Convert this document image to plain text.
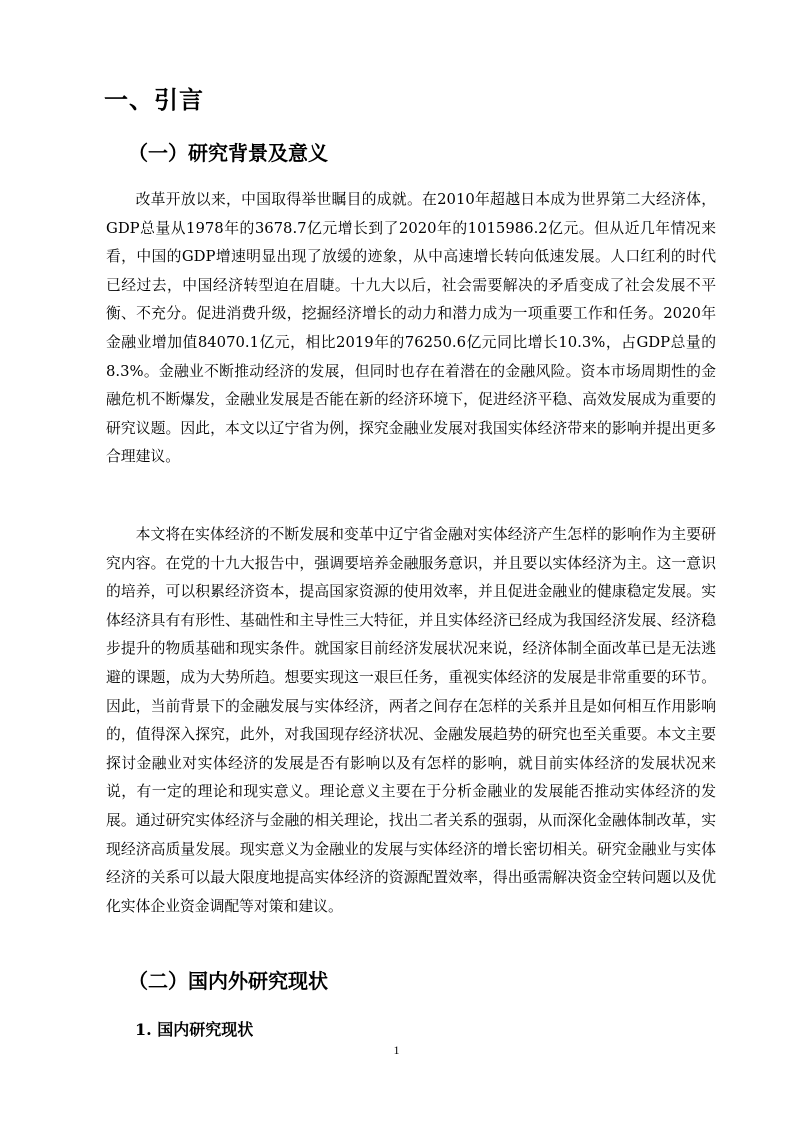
一、引言
（一）研究背景及意义

改革开放以来，中国取得举世瞩目的成就。在2010年超越日本成为世界第二大经济体，GDP总量从1978年的3678.7亿元增长到了2020年的1015986.2亿元。但从近几年情况来看，中国的GDP增速明显出现了放缓的迹象，从中高速增长转向低速发展。人口红利的时代已经过去，中国经济转型迫在眉睫。十九大以后，社会需要解决的矛盾变成了社会发展不平衡、不充分。促进消费升级，挖掘经济增长的动力和潜力成为一项重要工作和任务。2020年金融业增加值84070.1亿元，相比2019年的76250.6亿元同比增长10.3%，占GDP总量的8.3%。金融业不断推动经济的发展，但同时也存在着潜在的金融风险。资本市场周期性的金融危机不断爆发，金融业发展是否能在新的经济环境下，促进经济平稳、高效发展成为重要的研究议题。因此，本文以辽宁省为例，探究金融业发展对我国实体经济带来的影响并提出更多合理建议。

本文将在实体经济的不断发展和变革中辽宁省金融对实体经济产生怎样的影响作为主要研究内容。在党的十九大报告中，强调要培养金融服务意识，并且要以实体经济为主。这一意识的培养，可以积累经济资本，提高国家资源的使用效率，并且促进金融业的健康稳定发展。实体经济具有有形性、基础性和主导性三大特征，并且实体经济已经成为我国经济发展、经济稳步提升的物质基础和现实条件。就国家目前经济发展状况来说，经济体制全面改革已是无法逃避的课题，成为大势所趋。想要实现这一艰巨任务，重视实体经济的发展是非常重要的环节。因此，当前背景下的金融发展与实体经济，两者之间存在怎样的关系并且是如何相互作用影响的，值得深入探究，此外，对我国现存经济状况、金融发展趋势的研究也至关重要。本文主要探讨金融业对实体经济的发展是否有影响以及有怎样的影响，就目前实体经济的发展状况来说，有一定的理论和现实意义。理论意义主要在于分析金融业的发展能否推动实体经济的发展。通过研究实体经济与金融的相关理论，找出二者关系的强弱，从而深化金融体制改革，实现经济高质量发展。现实意义为金融业的发展与实体经济的增长密切相关。研究金融业与实体经济的关系可以最大限度地提高实体经济的资源配置效率，得出亟需解决资金空转问题以及优化实体企业资金调配等对策和建议。

（二）国内外研究现状
1. 国内研究现状
1
